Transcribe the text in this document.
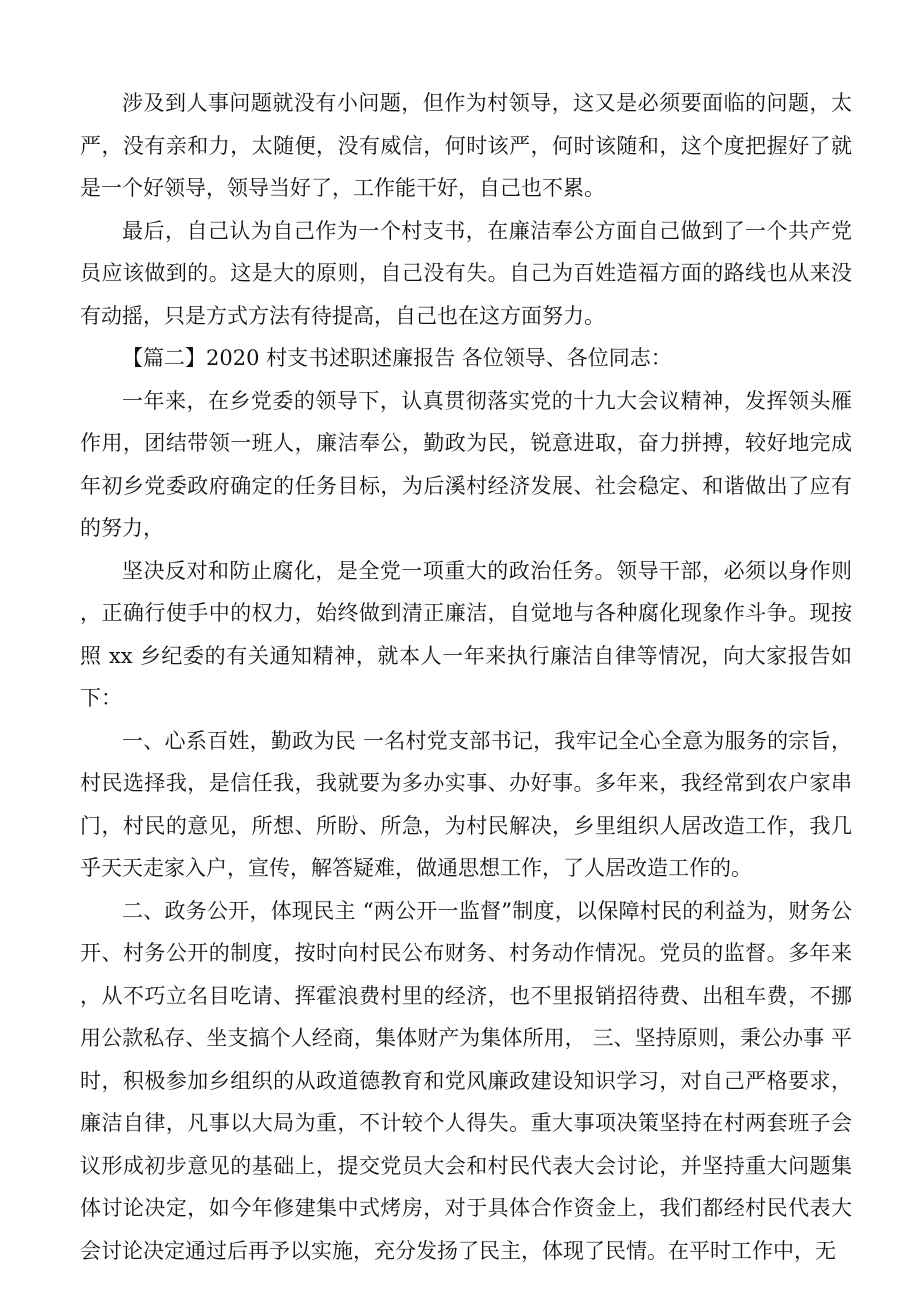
涉及到人事问题就没有小问题，但作为村领导，这又是必须要面临的问题，太严，没有亲和力，太随便，没有威信，何时该严，何时该随和，这个度把握好了就是一个好领导，领导当好了，工作能干好，自己也不累。

最后，自己认为自己作为一个村支书，在廉洁奉公方面自己做到了一个共产党员应该做到的。这是大的原则，自己没有失。自己为百姓造福方面的路线也从来没有动摇，只是方式方法有待提高，自己也在这方面努力。

【篇二】2020 村支书述职述廉报告 各位领导、各位同志：

一年来，在乡党委的领导下，认真贯彻落实党的十九大会议精神，发挥领头雁作用，团结带领一班人，廉洁奉公，勤政为民，锐意进取，奋力拼搏，较好地完成年初乡党委政府确定的任务目标，为后溪村经济发展、社会稳定、和谐做出了应有的努力，

坚决反对和防止腐化，是全党一项重大的政治任务。领导干部，必须以身作则，正确行使手中的权力，始终做到清正廉洁，自觉地与各种腐化现象作斗争。现按照 xx 乡纪委的有关通知精神，就本人一年来执行廉洁自律等情况，向大家报告如下：

一、心系百姓，勤政为民 一名村党支部书记，我牢记全心全意为服务的宗旨，村民选择我，是信任我，我就要为多办实事、办好事。多年来，我经常到农户家串门，村民的意见，所想、所盼、所急，为村民解决，乡里组织人居改造工作，我几乎天天走家入户，宣传，解答疑难，做通思想工作，了人居改造工作的。

二、政务公开，体现民主 “两公开一监督”制度，以保障村民的利益为，财务公开、村务公开的制度，按时向村民公布财务、村务动作情况。党员的监督。多年来，从不巧立名目吃请、挥霍浪费村里的经济，也不里报销招待费、出租车费，不挪用公款私存、坐支搞个人经商，集体财产为集体所用， 三、坚持原则，秉公办事 平时，积极参加乡组织的从政道德教育和党风廉政建设知识学习，对自己严格要求，廉洁自律，凡事以大局为重，不计较个人得失。重大事项决策坚持在村两套班子会议形成初步意见的基础上，提交党员大会和村民代表大会讨论，并坚持重大问题集体讨论决定，如今年修建集中式烤房，对于具体合作资金上，我们都经村民代表大会讨论决定通过后再予以实施，充分发扬了民主，体现了民情。在平时工作中，无
